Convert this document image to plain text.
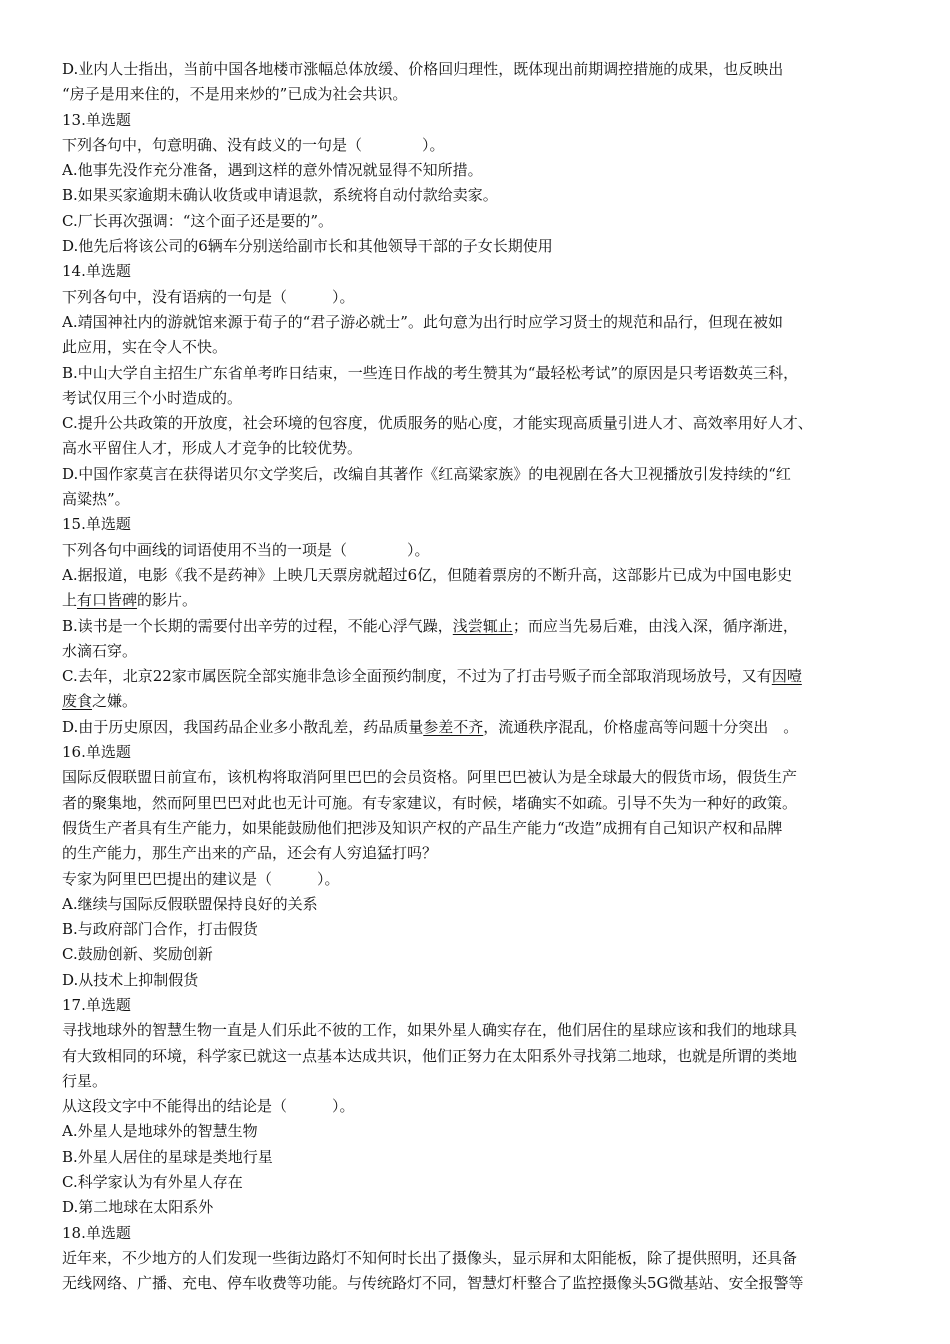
D.业内人士指出，当前中国各地楼市涨幅总体放缓、价格回归理性，既体现出前期调控措施的成果，也反映出
“房子是用来住的，不是用来炒的”已成为社会共识。
13.单选题
下列各句中，句意明确、没有歧义的一句是（　　　　）。
A.他事先没作充分准备，遇到这样的意外情况就显得不知所措。
B.如果买家逾期未确认收货或申请退款，系统将自动付款给卖家。
C.厂长再次强调：“这个面子还是要的”。
D.他先后将该公司的6辆车分别送给副市长和其他领导干部的子女长期使用
14.单选题
下列各句中，没有语病的一句是（　　　）。
A.靖国神社内的游就馆来源于荀子的“君子游必就士”。此句意为出行时应学习贤士的规范和品行，但现在被如
此应用，实在令人不快。
B.中山大学自主招生广东省单考昨日结束，一些连日作战的考生赞其为“最轻松考试”的原因是只考语数英三科，
考试仅用三个小时造成的。
C.提升公共政策的开放度，社会环境的包容度，优质服务的贴心度，才能实现高质量引进人才、高效率用好人才、
高水平留住人才，形成人才竞争的比较优势。
D.中国作家莫言在获得诺贝尔文学奖后，改编自其著作《红高粱家族》的电视剧在各大卫视播放引发持续的“红
高粱热”。
15.单选题
下列各句中画线的词语使用不当的一项是（　　　　）。
A.据报道，电影《我不是药神》上映几天票房就超过6亿，但随着票房的不断升高，这部影片已成为中国电影史
上有口皆碑的影片。
B.读书是一个长期的需要付出辛劳的过程，不能心浮气躁，浅尝辄止；而应当先易后难，由浅入深，循序渐进，
水滴石穿。
C.去年，北京22家市属医院全部实施非急诊全面预约制度，不过为了打击号贩子而全部取消现场放号，又有因噎
废食之嫌。
D.由于历史原因，我国药品企业多小散乱差，药品质量参差不齐，流通秩序混乱，价格虚高等问题十分突出　。
16.单选题
国际反假联盟日前宣布，该机构将取消阿里巴巴的会员资格。阿里巴巴被认为是全球最大的假货市场，假货生产
者的聚集地，然而阿里巴巴对此也无计可施。有专家建议，有时候，堵确实不如疏。引导不失为一种好的政策。
假货生产者具有生产能力，如果能鼓励他们把涉及知识产权的产品生产能力“改造”成拥有自己知识产权和品牌
的生产能力，那生产出来的产品，还会有人穷追猛打吗？
专家为阿里巴巴提出的建议是（　　　）。
A.继续与国际反假联盟保持良好的关系
B.与政府部门合作，打击假货
C.鼓励创新、奖励创新
D.从技术上抑制假货
17.单选题
寻找地球外的智慧生物一直是人们乐此不彼的工作，如果外星人确实存在，他们居住的星球应该和我们的地球具
有大致相同的环境，科学家已就这一点基本达成共识，他们正努力在太阳系外寻找第二地球，也就是所谓的类地
行星。
从这段文字中不能得出的结论是（　　　）。
A.外星人是地球外的智慧生物
B.外星人居住的星球是类地行星
C.科学家认为有外星人存在
D.第二地球在太阳系外
18.单选题
近年来，不少地方的人们发现一些街边路灯不知何时长出了摄像头，显示屏和太阳能板，除了提供照明，还具备
无线网络、广播、充电、停车收费等功能。与传统路灯不同，智慧灯杆整合了监控摄像头5G微基站、安全报警等
